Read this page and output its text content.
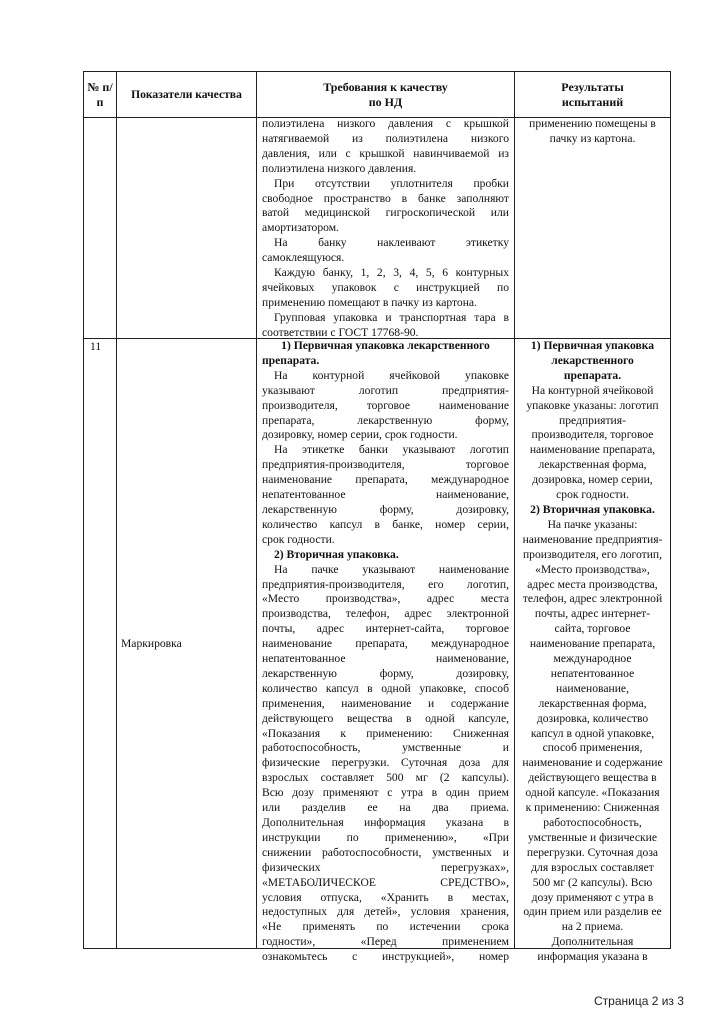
№ п/п	Показатели качества
Требования к качеству по НД
Результаты испытаний
полиэтилена низкого давления с крышкой
натягиваемой из полиэтилена низкого
давления, или с крышкой навинчиваемой из
полиэтилена низкого давления.
При отсутствии уплотнителя пробки
свободное пространство в банке заполняют
ватой медицинской гигроскопической или
амортизатором.
На банку наклеивают этикетку
самоклеящуюся.
Каждую банку, 1, 2, 3, 4, 5, 6 контурных
ячейковых упаковок с инструкцией по
применению помещают в пачку из картона.
Групповая упаковка и транспортная тара в
соответствии с ГОСТ 17768-90.
применению помещены в
пачку из картона.
11
Маркировка
1) Первичная упаковка лекарственного
препарата.
На контурной ячейковой упаковке
указывают логотип предприятия-
производителя, торговое наименование
препарата, лекарственную форму,
дозировку, номер серии, срок годности.
На этикетке банки указывают логотип
предприятия-производителя, торговое
наименование препарата, международное
непатентованное наименование,
лекарственную форму, дозировку,
количество капсул в банке, номер серии,
срок годности.
2) Вторичная упаковка.
На пачке указывают наименование
предприятия-производителя, его логотип,
«Место производства», адрес места
производства, телефон, адрес электронной
почты, адрес интернет-сайта, торговое
наименование препарата, международное
непатентованное наименование,
лекарственную форму, дозировку,
количество капсул в одной упаковке, способ
применения, наименование и содержание
действующего вещества в одной капсуле,
«Показания к применению: Сниженная
работоспособность, умственные и
физические перегрузки. Суточная доза для
взрослых составляет 500 мг (2 капсулы).
Всю дозу применяют с утра в один прием
или разделив ее на два приема.
Дополнительная информация указана в
инструкции по применению», «При
снижении работоспособности, умственных и
физических перегрузках»,
«МЕТАБОЛИЧЕСКОЕ СРЕДСТВО»,
условия отпуска, «Хранить в местах,
недоступных для детей», условия хранения,
«Не применять по истечении срока
годности», «Перед применением
ознакомьтесь с инструкцией», номер
1) Первичная упаковка
лекарственного
препарата.
На контурной ячейковой
упаковке указаны: логотип
предприятия-
производителя, торговое
наименование препарата,
лекарственная форма,
дозировка, номер серии,
срок годности.
2) Вторичная упаковка.
На пачке указаны:
наименование предприятия-
производителя, его логотип,
«Место производства»,
адрес места производства,
телефон, адрес электронной
почты, адрес интернет-
сайта, торговое
наименование препарата,
международное
непатентованное
наименование,
лекарственная форма,
дозировка, количество
капсул в одной упаковке,
способ применения,
наименование и содержание
действующего вещества в
одной капсуле. «Показания
к применению: Сниженная
работоспособность,
умственные и физические
перегрузки. Суточная доза
для взрослых составляет
500 мг (2 капсулы). Всю
дозу применяют с утра в
один прием или разделив ее
на 2 приема.
Дополнительная
информация указана в
Страница 2 из 3
